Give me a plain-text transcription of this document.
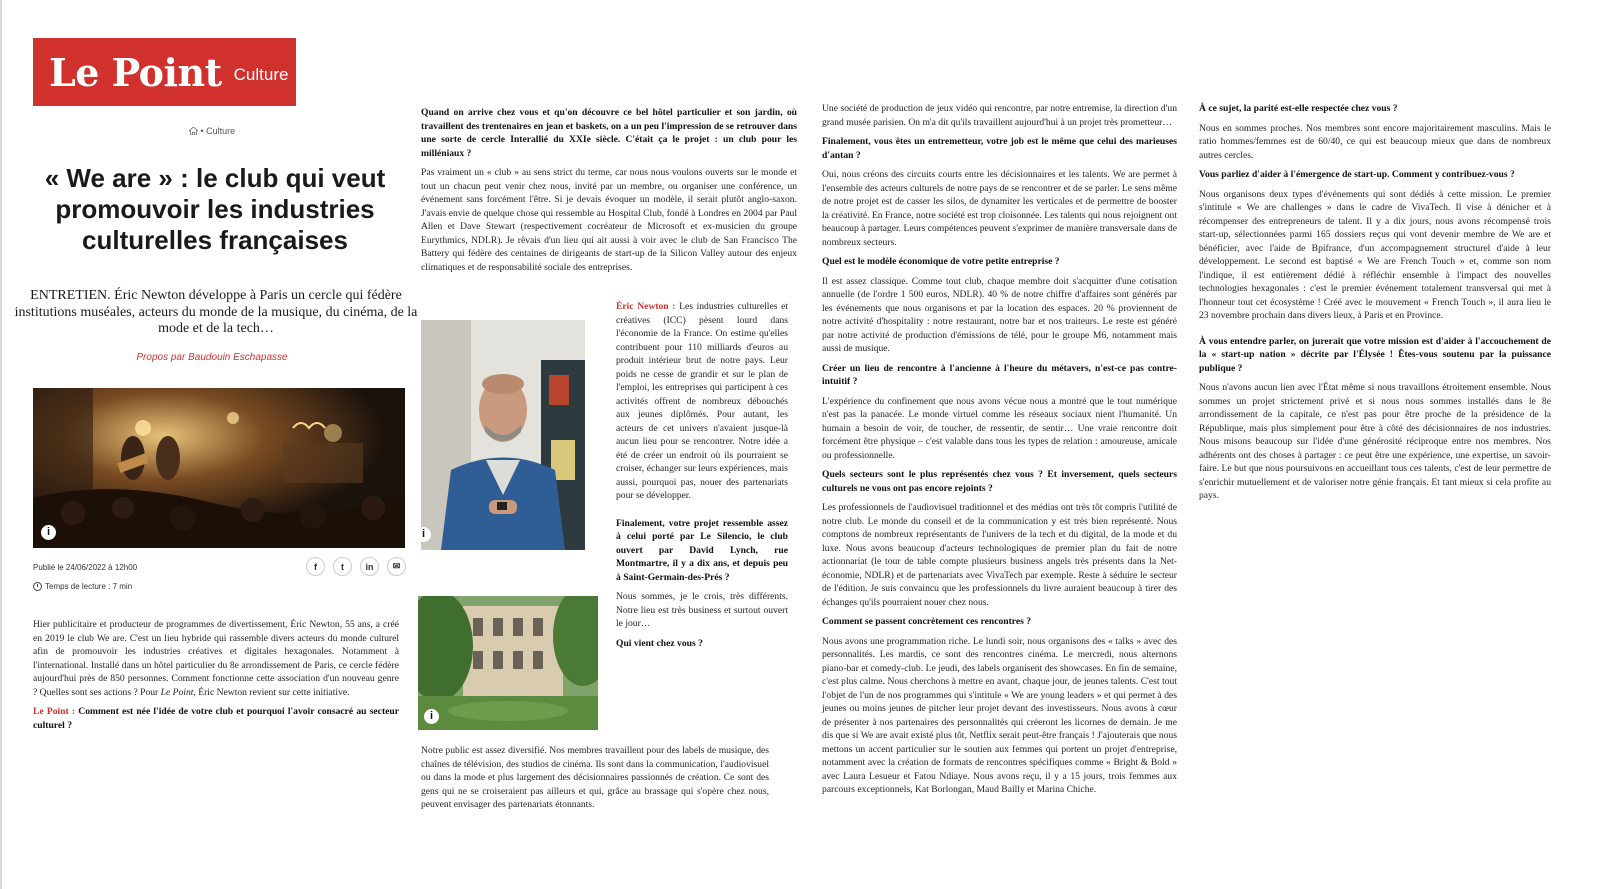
Le Point Culture
• Culture
« We are » : le club qui veut promouvoir les industries culturelles françaises
ENTRETIEN. Éric Newton développe à Paris un cercle qui fédère institutions muséales, acteurs du monde de la musique, du cinéma, de la mode et de la tech…
Propos par Baudouin Eschapasse
i
Publié le 24/06/2022 à 12h00
Temps de lecture : 7 min
f	t	in	✉

Hier publicitaire et producteur de programmes de divertissement, Éric Newton, 55 ans, a créé en 2019 le club We are. C'est un lieu hybride qui rassemble divers acteurs du monde culturel afin de promouvoir les industries créatives et digitales hexagonales. Notamment à l'international. Installé dans un hôtel particulier du 8e arrondissement de Paris, ce cercle fédère aujourd'hui près de 850 personnes. Comment fonctionne cette association d'un nouveau genre ? Quelles sont ses actions ? Pour Le Point, Éric Newton revient sur cette initiative.

Le Point : Comment est née l'idée de votre club et pourquoi l'avoir consacré au secteur culturel ?

Quand on arrive chez vous et qu'on découvre ce bel hôtel particulier et son jardin, où travaillent des trentenaires en jean et baskets, on a un peu l'impression de se retrouver dans une sorte de cercle Interallié du XXIe siècle. C'était ça le projet : un club pour les milléniaux ?

Pas vraiment un « club » au sens strict du terme, car nous nous voulons ouverts sur le monde et tout un chacun peut venir chez nous, invité par un membre, ou organiser une conférence, un événement sans forcément l'être. Si je devais évoquer un modèle, il serait plutôt anglo-saxon. J'avais envie de quelque chose qui ressemble au Hospital Club, fondé à Londres en 2004 par Paul Allen et Dave Stewart (respectivement cocréateur de Microsoft et ex-musicien du groupe Eurythmics, NDLR). Je rêvais d'un lieu qui ait aussi à voir avec le club de San Francisco The Battery qui fédère des centaines de dirigeants de start-up de la Silicon Valley autour des enjeux climatiques et de responsabilité sociale des entreprises.

i

Éric Newton : Les industries culturelles et créatives (ICC) pèsent lourd dans l'économie de la France. On estime qu'elles contribuent pour 110 milliards d'euros au produit intérieur brut de notre pays. Leur poids ne cesse de grandir et sur le plan de l'emploi, les entreprises qui participent à ces activités offrent de nombreux débouchés aux jeunes diplômés. Pour autant, les acteurs de cet univers n'avaient jusque-là aucun lieu pour se rencontrer. Notre idée a été de créer un endroit où ils pourraient se croiser, échanger sur leurs expériences, mais aussi, pourquoi pas, nouer des partenariats pour se développer.

Finalement, votre projet ressemble assez à celui porté par Le Silencio, le club ouvert par David Lynch, rue Montmartre, il y a dix ans, et depuis peu à Saint-Germain-des-Prés ?

Nous sommes, je le crois, très différents. Notre lieu est très business et surtout ouvert le jour…

Qui vient chez vous ?

i

Notre public est assez diversifié. Nos membres travaillent pour des labels de musique, des chaînes de télévision, des studios de cinéma. Ils sont dans la communication, l'audiovisuel ou dans la mode et plus largement des décisionnaires passionnés de création. Ce sont des gens qui ne se croiseraient pas ailleurs et qui, grâce au brassage qui s'opère chez nous, peuvent envisager des partenariats étonnants.

Une société de production de jeux vidéo qui rencontre, par notre entremise, la direction d'un grand musée parisien. On m'a dit qu'ils travaillent aujourd'hui à un projet très prometteur…

Finalement, vous êtes un entremetteur, votre job est le même que celui des marieuses d'antan ?

Oui, nous créons des circuits courts entre les décisionnaires et les talents. We are permet à l'ensemble des acteurs culturels de notre pays de se rencontrer et de se parler. Le sens même de notre projet est de casser les silos, de dynamiter les verticales et de permettre de booster la créativité. En France, notre société est trop cloisonnée. Les talents qui nous rejoignent ont beaucoup à partager. Leurs compétences peuvent s'exprimer de manière transversale dans de nombreux secteurs.

Quel est le modèle économique de votre petite entreprise ?

Il est assez classique. Comme tout club, chaque membre doit s'acquitter d'une cotisation annuelle (de l'ordre 1 500 euros, NDLR). 40 % de notre chiffre d'affaires sont générés par les événements que nous organisons et par la location des espaces. 20 % proviennent de notre activité d'hospitality : notre restaurant, notre bar et nos traiteurs. Le reste est généré par notre activité de production d'émissions de télé, pour le groupe M6, notamment mais aussi de musique.

Créer un lieu de rencontre à l'ancienne à l'heure du métavers, n'est-ce pas contre-intuitif ?

L'expérience du confinement que nous avons vécue nous a montré que le tout numérique n'est pas la panacée. Le monde virtuel comme les réseaux sociaux nient l'humanité. Un humain a besoin de voir, de toucher, de ressentir, de sentir… Une vraie rencontre doit forcément être physique – c'est valable dans tous les types de relation : amoureuse, amicale ou professionnelle.

Quels secteurs sont le plus représentés chez vous ? Et inversement, quels secteurs culturels ne vous ont pas encore rejoints ?

Les professionnels de l'audiovisuel traditionnel et des médias ont très tôt compris l'utilité de notre club. Le monde du conseil et de la communication y est très bien représenté. Nous comptons de nombreux représentants de l'univers de la tech et du digital, de la mode et du luxe. Nous avons beaucoup d'acteurs technologiques de premier plan du fait de notre actionnariat (le tour de table compte plusieurs business angels très présents dans la Net-économie, NDLR) et de partenariats avec VivaTech par exemple. Reste à séduire le secteur de l'édition. Je suis convaincu que les professionnels du livre auraient beaucoup à tirer des échanges qu'ils pourraient nouer chez nous.

Comment se passent concrètement ces rencontres ?

Nous avons une programmation riche. Le lundi soir, nous organisons des « talks » avec des personnalités. Les mardis, ce sont des rencontres cinéma. Le mercredi, nous alternons piano-bar et comedy-club. Le jeudi, des labels organisent des showcases. En fin de semaine, c'est plus calme. Nous cherchons à mettre en avant, chaque jour, de jeunes talents. C'est tout l'objet de l'un de nos programmes qui s'intitule « We are young leaders » et qui permet à des jeunes ou moins jeunes de pitcher leur projet devant des investisseurs. Nous avons à cœur de présenter à nos partenaires des personnalités qui créeront les licornes de demain. Je me dis que si We are avait existé plus tôt, Netflix serait peut-être français ! J'ajouterais que nous mettons un accent particulier sur le soutien aux femmes qui portent un projet d'entreprise, notamment avec la création de formats de rencontres spécifiques comme « Bright & Bold » avec Laura Lesueur et Fatou Ndiaye. Nous avons reçu, il y a 15 jours, trois femmes aux parcours exceptionnels, Kat Borlongan, Maud Bailly et Marina Chiche.

À ce sujet, la parité est-elle respectée chez vous ?

Nous en sommes proches. Nos membres sont encore majoritairement masculins. Mais le ratio hommes/femmes est de 60/40, ce qui est beaucoup mieux que dans de nombreux autres cercles.

Vous parliez d'aider à l'émergence de start-up. Comment y contribuez-vous ?

Nous organisons deux types d'événements qui sont dédiés à cette mission. Le premier s'intitule « We are challenges » dans le cadre de VivaTech. Il vise à dénicher et à récompenser des entrepreneurs de talent. Il y a dix jours, nous avons récompensé trois start-up, sélectionnées parmi 165 dossiers reçus qui vont devenir membre de We are et bénéficier, avec l'aide de Bpifrance, d'un accompagnement structurel d'aide à leur développement. Le second est baptisé « We are French Touch » et, comme son nom l'indique, il est entièrement dédié à réfléchir ensemble à l'impact des nouvelles technologies hexagonales : c'est le premier événement totalement transversal qui met à l'honneur tout cet écosystème ! Créé avec le mouvement « French Touch », il aura lieu le 23 novembre prochain dans divers lieux, à Paris et en Province.

À vous entendre parler, on jurerait que votre mission est d'aider à l'accouchement de la « start-up nation » décrite par l'Élysée ! Êtes-vous soutenu par la puissance publique ?

Nous n'avons aucun lien avec l'État même si nous travaillons étroitement ensemble. Nous sommes un projet strictement privé et si nous nous sommes installés dans le 8e arrondissement de la capitale, ce n'est pas pour être proche de la présidence de la République, mais plus simplement pour être à côté des décisionnaires de nos industries. Nous misons beaucoup sur l'idée d'une générosité réciproque entre nos membres. Nos adhérents ont des choses à partager : ce peut être une expérience, une expertise, un savoir-faire. Le but que nous poursuivons en accueillant tous ces talents, c'est de leur permettre de s'enrichir mutuellement et de valoriser notre génie français. Et tant mieux si cela profite au pays.
